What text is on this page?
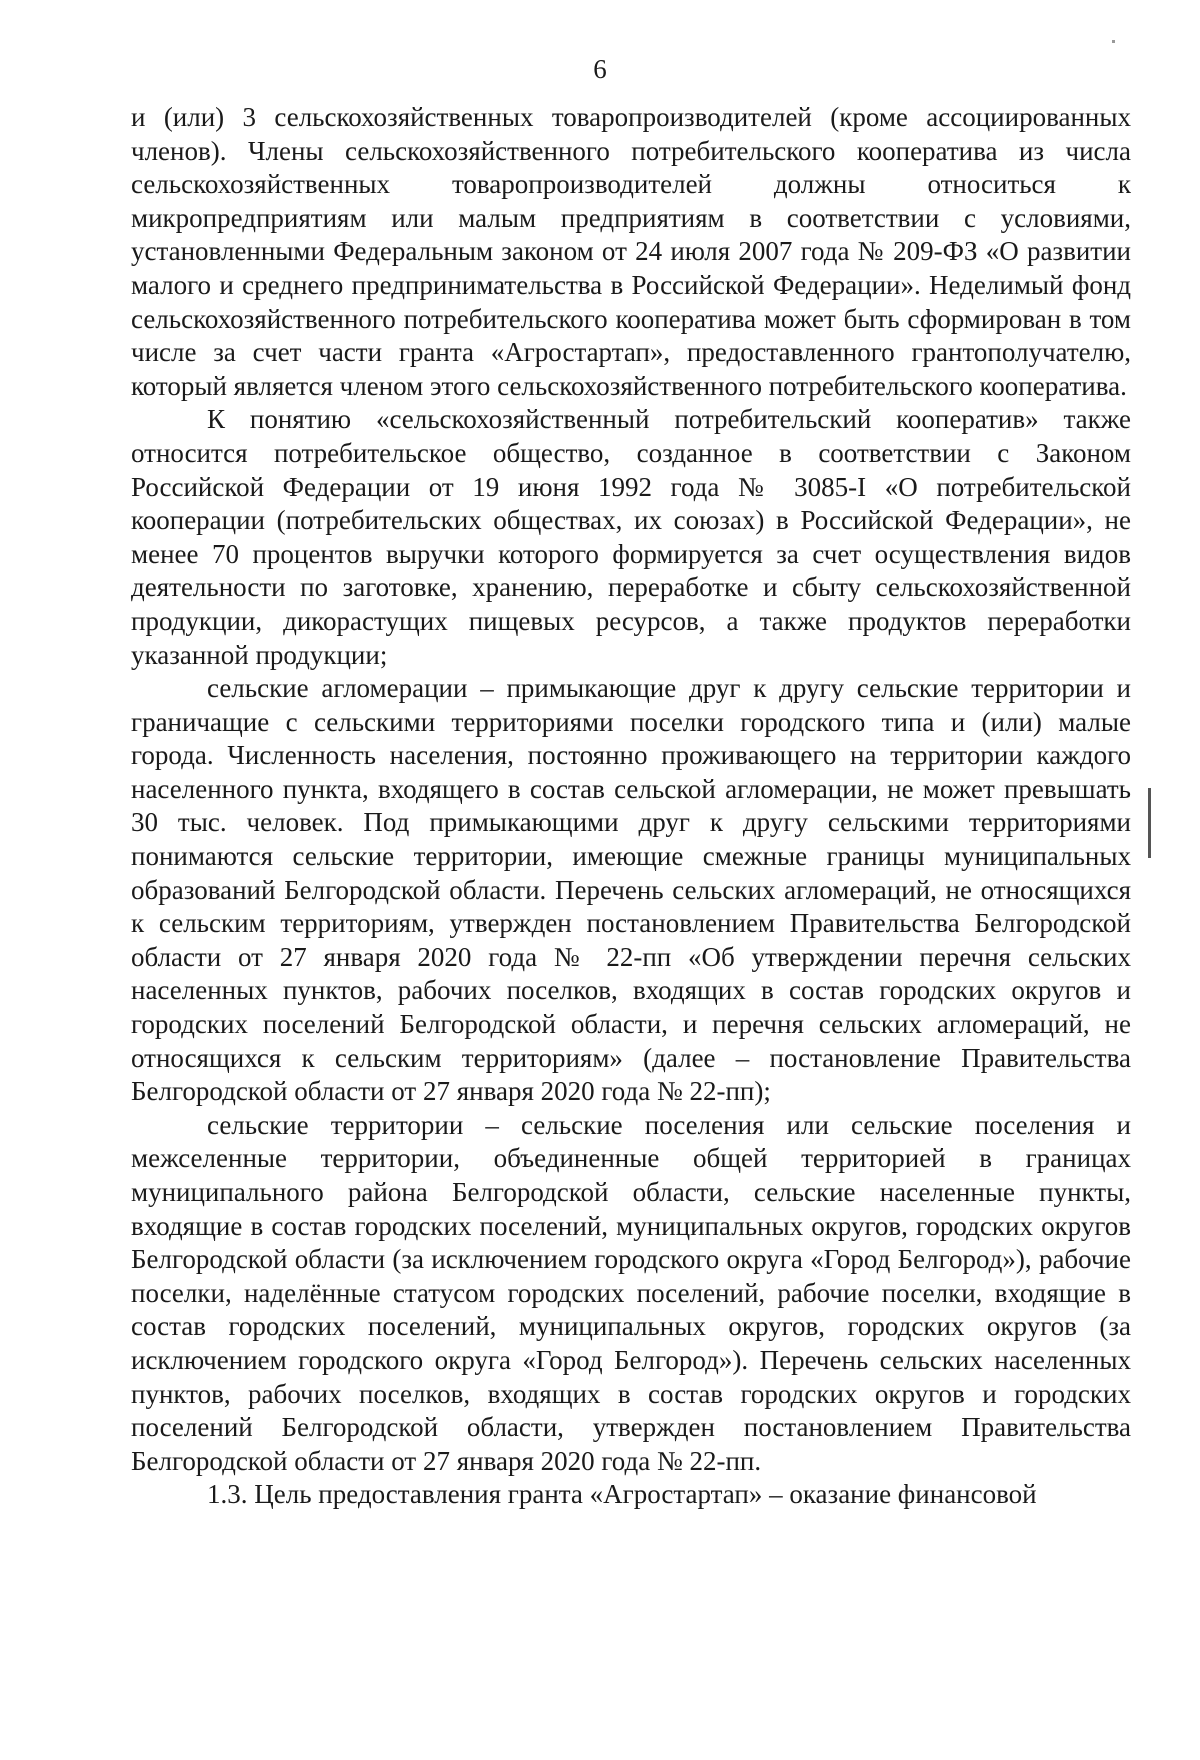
6

и (или) 3 сельскохозяйственных товаропроизводителей (кроме ассоциированных членов). Члены сельскохозяйственного потребительского кооператива из числа сельскохозяйственных товаропроизводителей должны относиться к микропредприятиям или малым предприятиям в соответствии с условиями, установленными Федеральным законом от 24 июля 2007 года № 209-ФЗ «О развитии малого и среднего предпринимательства в Российской Федерации». Неделимый фонд сельскохозяйственного потребительского кооператива может быть сформирован в том числе за счет части гранта «Агростартап», предоставленного грантополучателю, который является членом этого сельскохозяйственного потребительского кооператива.

К понятию «сельскохозяйственный потребительский кооператив» также относится потребительское общество, созданное в соответствии с Законом Российской Федерации от 19 июня 1992 года № 3085-I «О потребительской кооперации (потребительских обществах, их союзах) в Российской Федерации», не менее 70 процентов выручки которого формируется за счет осуществления видов деятельности по заготовке, хранению, переработке и сбыту сельскохозяйственной продукции, дикорастущих пищевых ресурсов, а также продуктов переработки указанной продукции;

сельские агломерации – примыкающие друг к другу сельские территории и граничащие с сельскими территориями поселки городского типа и (или) малые города. Численность населения, постоянно проживающего на территории каждого населенного пункта, входящего в состав сельской агломерации, не может превышать 30 тыс. человек. Под примыкающими друг к другу сельскими территориями понимаются сельские территории, имеющие смежные границы муниципальных образований Белгородской области. Перечень сельских агломераций, не относящихся к сельским территориям, утвержден постановлением Правительства Белгородской области от 27 января 2020 года № 22-пп «Об утверждении перечня сельских населенных пунктов, рабочих поселков, входящих в состав городских округов и городских поселений Белгородской области, и перечня сельских агломераций, не относящихся к сельским территориям» (далее – постановление Правительства Белгородской области от 27 января 2020 года № 22-пп);

сельские территории – сельские поселения или сельские поселения и межселенные территории, объединенные общей территорией в границах муниципального района Белгородской области, сельские населенные пункты, входящие в состав городских поселений, муниципальных округов, городских округов Белгородской области (за исключением городского округа «Город Белгород»), рабочие поселки, наделённые статусом городских поселений, рабочие поселки, входящие в состав городских поселений, муниципальных округов, городских округов (за исключением городского округа «Город Белгород»). Перечень сельских населенных пунктов, рабочих поселков, входящих в состав городских округов и городских поселений Белгородской области, утвержден постановлением Правительства Белгородской области от 27 января 2020 года № 22-пп.

1.3. Цель предоставления гранта «Агростартап» – оказание финансовой
